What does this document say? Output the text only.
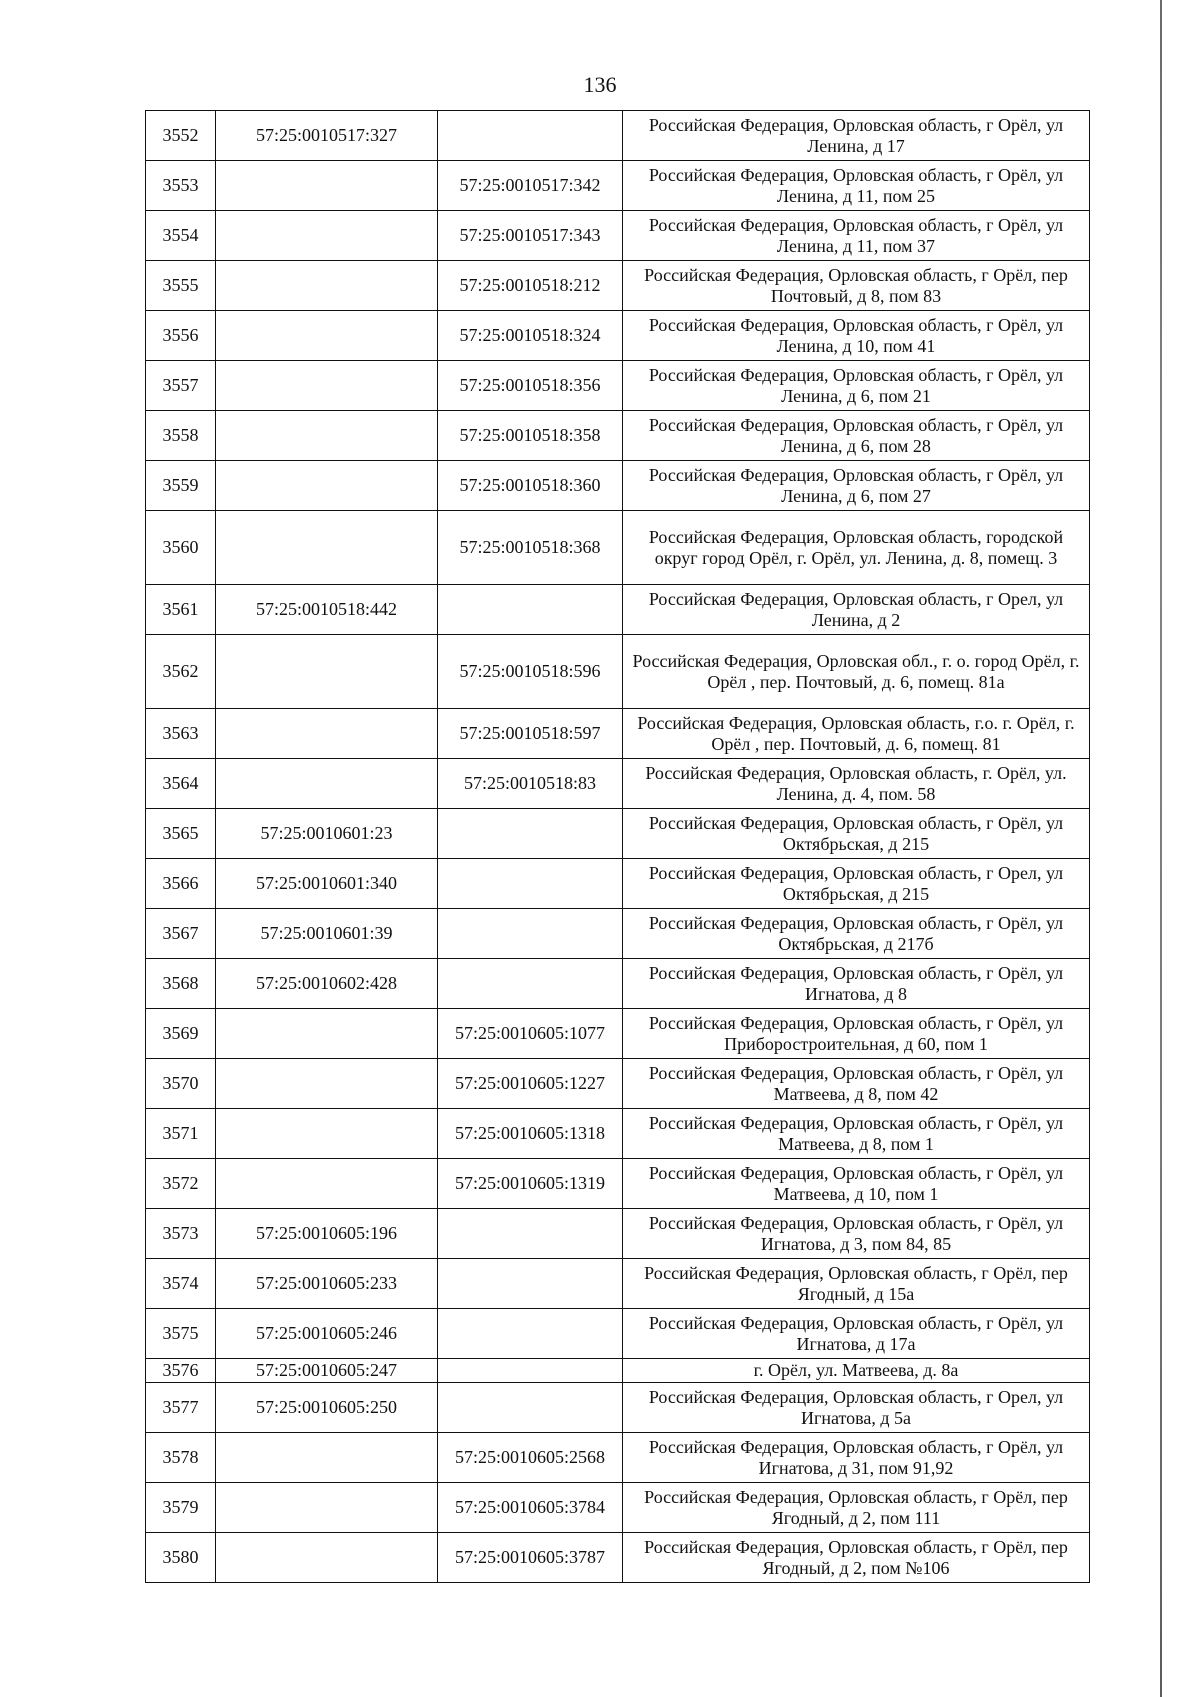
136
3552	57:25:0010517:327		Российская Федерация, Орловская область, г Орёл, ул Ленина, д 17
3553		57:25:0010517:342	Российская Федерация, Орловская область, г Орёл, ул Ленина, д 11, пом 25
3554		57:25:0010517:343	Российская Федерация, Орловская область, г Орёл, ул Ленина, д 11, пом 37
3555		57:25:0010518:212	Российская Федерация, Орловская область, г Орёл, пер Почтовый, д 8, пом 83
3556		57:25:0010518:324	Российская Федерация, Орловская область, г Орёл, ул Ленина, д 10, пом 41
3557		57:25:0010518:356	Российская Федерация, Орловская область, г Орёл, ул Ленина, д 6, пом 21
3558		57:25:0010518:358	Российская Федерация, Орловская область, г Орёл, ул Ленина, д 6, пом 28
3559		57:25:0010518:360	Российская Федерация, Орловская область, г Орёл, ул Ленина, д 6, пом 27
3560		57:25:0010518:368	Российская Федерация, Орловская область, городской округ город Орёл, г. Орёл, ул. Ленина, д. 8, помещ. 3
3561	57:25:0010518:442		Российская Федерация, Орловская область, г Орел, ул Ленина, д 2
3562		57:25:0010518:596	Российская Федерация, Орловская обл., г. о. город Орёл, г. Орёл , пер. Почтовый, д. 6, помещ. 81а
3563		57:25:0010518:597	Российская Федерация, Орловская область, г.о. г. Орёл, г. Орёл , пер. Почтовый, д. 6, помещ. 81
3564		57:25:0010518:83	Российская Федерация, Орловская область, г. Орёл, ул. Ленина, д. 4, пом. 58
3565	57:25:0010601:23		Российская Федерация, Орловская область, г Орёл, ул Октябрьская, д 215
3566	57:25:0010601:340		Российская Федерация, Орловская область, г Орел, ул Октябрьская, д 215
3567	57:25:0010601:39		Российская Федерация, Орловская область, г Орёл, ул Октябрьская, д 217б
3568	57:25:0010602:428		Российская Федерация, Орловская область, г Орёл, ул Игнатова, д 8
3569		57:25:0010605:1077	Российская Федерация, Орловская область, г Орёл, ул Приборостроительная, д 60, пом 1
3570		57:25:0010605:1227	Российская Федерация, Орловская область, г Орёл, ул Матвеева, д 8, пом 42
3571		57:25:0010605:1318	Российская Федерация, Орловская область, г Орёл, ул Матвеева, д 8, пом 1
3572		57:25:0010605:1319	Российская Федерация, Орловская область, г Орёл, ул Матвеева, д 10, пом 1
3573	57:25:0010605:196		Российская Федерация, Орловская область, г Орёл, ул Игнатова, д 3, пом 84, 85
3574	57:25:0010605:233		Российская Федерация, Орловская область, г Орёл, пер Ягодный, д 15а
3575	57:25:0010605:246		Российская Федерация, Орловская область, г Орёл, ул Игнатова, д 17а
3576	57:25:0010605:247		г. Орёл, ул. Матвеева, д. 8а
3577	57:25:0010605:250		Российская Федерация, Орловская область, г Орел, ул Игнатова, д 5а
3578		57:25:0010605:2568	Российская Федерация, Орловская область, г Орёл, ул Игнатова, д 31, пом 91,92
3579		57:25:0010605:3784	Российская Федерация, Орловская область, г Орёл, пер Ягодный, д 2, пом 111
3580		57:25:0010605:3787	Российская Федерация, Орловская область, г Орёл, пер Ягодный, д 2, пом №106
